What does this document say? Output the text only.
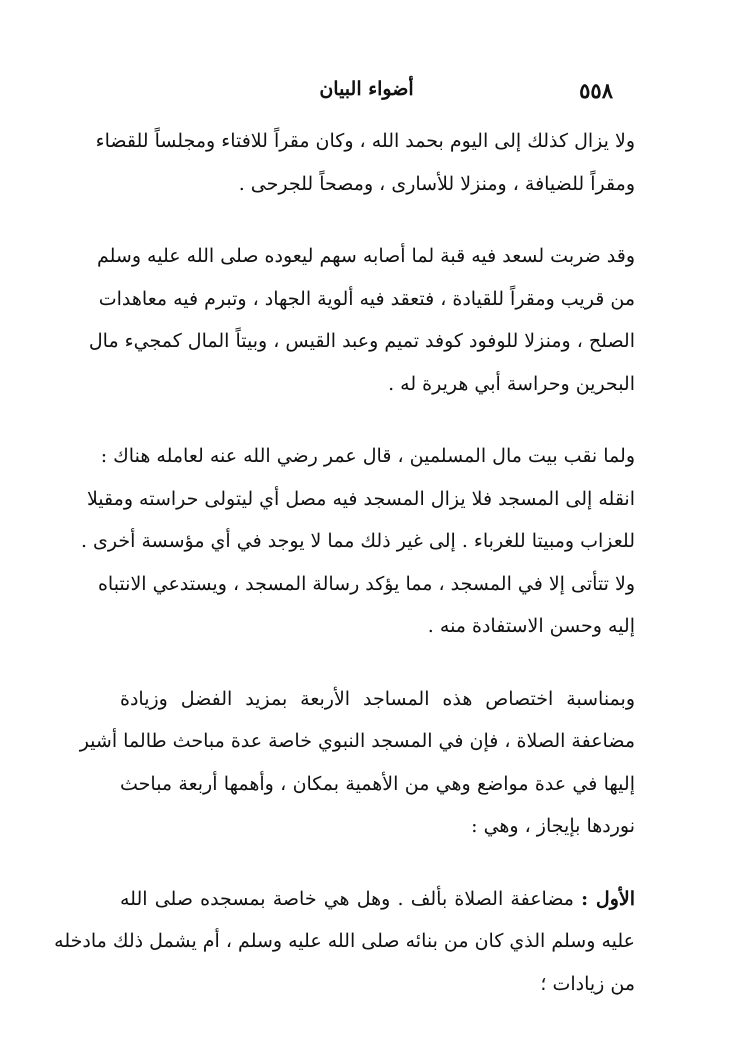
٥٥٨
أضواء البيان

ولا يزال كذلك إلى اليوم بحمد الله ، وكان مقراً للافتاء ومجلساً للقضاء
ومقراً للضيافة ، ومنزلا للأسارى ، ومصحاً للجرحى .

وقد ضربت لسعد فيه قبة لما أصابه سهم ليعوده صلى الله عليه وسلم
من قريب ومقراً للقيادة ، فتعقد فيه ألوية الجهاد ، وتبرم فيه معاهدات
الصلح ، ومنزلا للوفود كوفد تميم وعبد القيس ، وبيتاً المال كمجيء مال
البحرين وحراسة أبي هريرة له .

ولما نقب بيت مال المسلمين ، قال عمر رضي الله عنه لعامله هناك :
انقله إلى المسجد فلا يزال المسجد فيه مصل أي ليتولى حراسته ومقيلا
للعزاب ومبيتا للغرباء . إلى غير ذلك مما لا يوجد في أي مؤسسة أخرى .
ولا تتأتى إلا في المسجد ، مما يؤكد رسالة المسجد ، ويستدعي الانتباه
إليه وحسن الاستفادة منه .

وبمناسبة اختصاص هذه المساجد الأربعة بمزيد الفضل وزيادة
مضاعفة الصلاة ، فإن في المسجد النبوي خاصة عدة مباحث طالما أشير
إليها في عدة مواضع وهي من الأهمية بمكان ، وأهمها أربعة مباحث
نوردها بإيجاز ، وهي :

الأول : مضاعفة الصلاة بألف . وهل هي خاصة بمسجده صلى الله
عليه وسلم الذي كان من بنائه صلى الله عليه وسلم ، أم يشمل ذلك مادخله
من زيادات ؛
